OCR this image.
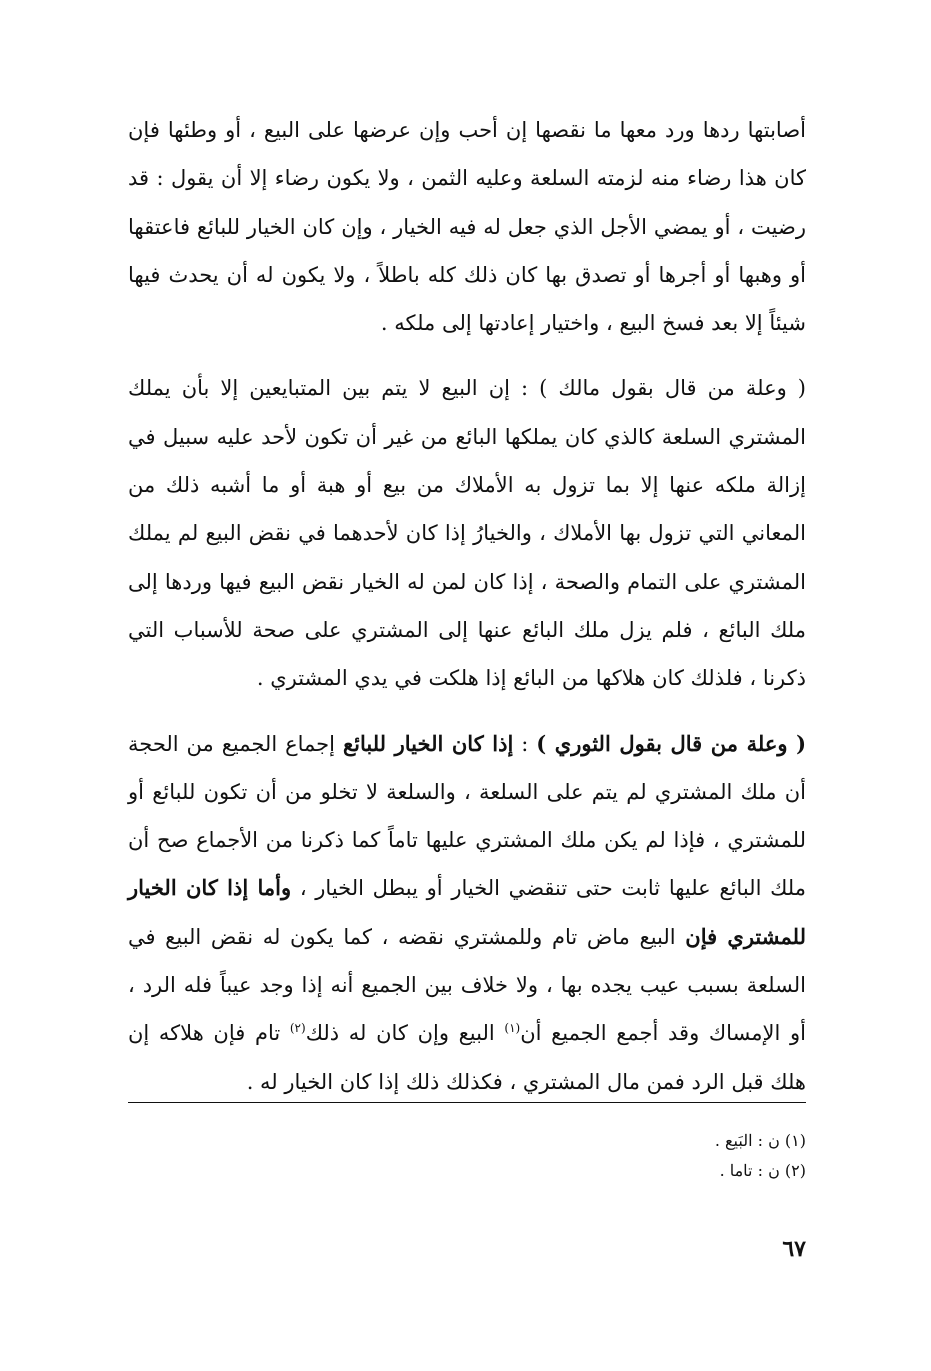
أصابتها ردها ورد معها ما نقصها إن أحب وإن عرضها على البيع ، أو وطئها فإن كان هذا رضاء منه لزمته السلعة وعليه الثمن ، ولا يكون رضاء إلا أن يقول : قد رضيت ، أو يمضي الأجل الذي جعل له فيه الخيار ، وإن كان الخيار للبائع فاعتقها أو وهبها أو أجرها أو تصدق بها كان ذلك كله باطلاً ، ولا يكون له أن يحدث فيها شيئاً إلا بعد فسخ البيع ، واختيار إعادتها إلى ملكه .

( وعلة من قال بقول مالك ) : إن البيع لا يتم بين المتبايعين إلا بأن يملك المشتري السلعة كالذي كان يملكها البائع من غير أن تكون لأحد عليه سبيل في إزالة ملكه عنها إلا بما تزول به الأملاك من بيع أو هبة أو ما أشبه ذلك من المعاني التي تزول بها الأملاك ، والخيارُ إذا كان لأحدهما في نقض البيع لم يملك المشتري على التمام والصحة ، إذا كان لمن له الخيار نقض البيع فيها وردها إلى ملك البائع ، فلم يزل ملك البائع عنها إلى المشتري على صحة للأسباب التي ذكرنا ، فلذلك كان هلاكها من البائع إذا هلكت في يدي المشتري .

( وعلة من قال بقول الثوري ) : إذا كان الخيار للبائع إجماع الجميع من الحجة أن ملك المشتري لم يتم على السلعة ، والسلعة لا تخلو من أن تكون للبائع أو للمشتري ، فإذا لم يكن ملك المشتري عليها تاماً كما ذكرنا من الأجماع صح أن ملك البائع عليها ثابت حتى تنقضي الخيار أو يبطل الخيار ، وأما إذا كان الخيار للمشتري فإن البيع ماض تام وللمشتري نقضه ، كما يكون له نقض البيع في السلعة بسبب عيب يجده بها ، ولا خلاف بين الجميع أنه إذا وجد عيباً فله الرد ، أو الإمساك وقد أجمع الجميع أن$^{(١)}$ البيع وإن كان له ذلك$^{(٢)}$ تام فإن هلاكه إن هلك قبل الرد فمن مال المشتري ، فكذلك ذلك إذا كان الخيار له .

(١) ن : البَيع .

(٢) ن : تاما .

٦٧
